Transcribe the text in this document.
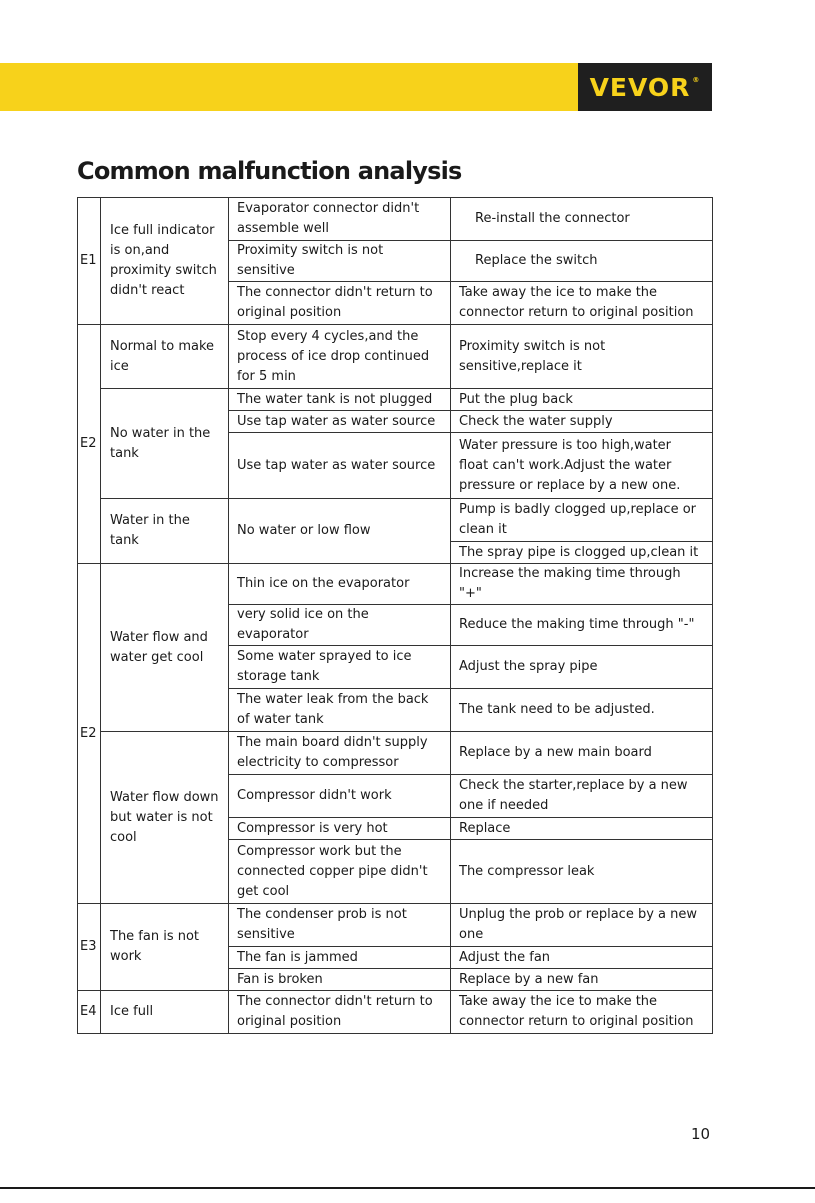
VEVOR ®
Common malfunction analysis
E1	Ice full indicator is on,and proximity switch didn't react	Evaporator connector didn't assemble well	Re-install the connector
		Proximity switch is not sensitive	Replace the switch
		The connector didn't return to original position	Take away the ice to make the connector return to original position
E2	Normal to make ice	Stop every 4 cycles,and the process of ice drop continued for 5 min	Proximity switch is not sensitive,replace it
	No water in the tank	The water tank is not plugged	Put the plug back
		Use tap water as water source	Check the water supply
		Use tap water as water source	Water pressure is too high,water float can't work.Adjust the water pressure or replace by a new one.
	Water in the tank	No water or low flow	Pump is badly clogged up,replace or clean it
			The spray pipe is clogged up,clean it

E2	Water flow and water get cool	Thin ice on the evaporator	Increase the making time through "+"
		very solid ice on the evaporator	Reduce the making time through "-"
		Some water sprayed to ice storage tank	Adjust the spray pipe
		The water leak from the back of water tank	The tank need to be adjusted.
	Water flow down but water is not cool	The main board didn't supply electricity to compressor	Replace by a new main board
		Compressor didn't work	Check the starter,replace by a new one if needed
		Compressor is very hot	Replace
		Compressor work but the connected copper pipe didn't get cool	The compressor leak
E3	The fan is not work	The condenser prob is not sensitive	Unplug the prob or replace by a new one
		The fan is jammed	Adjust the fan
		Fan is broken	Replace by a new fan
E4	Ice full	The connector didn't return to original position	Take away the ice to make the connector return to original position
10
